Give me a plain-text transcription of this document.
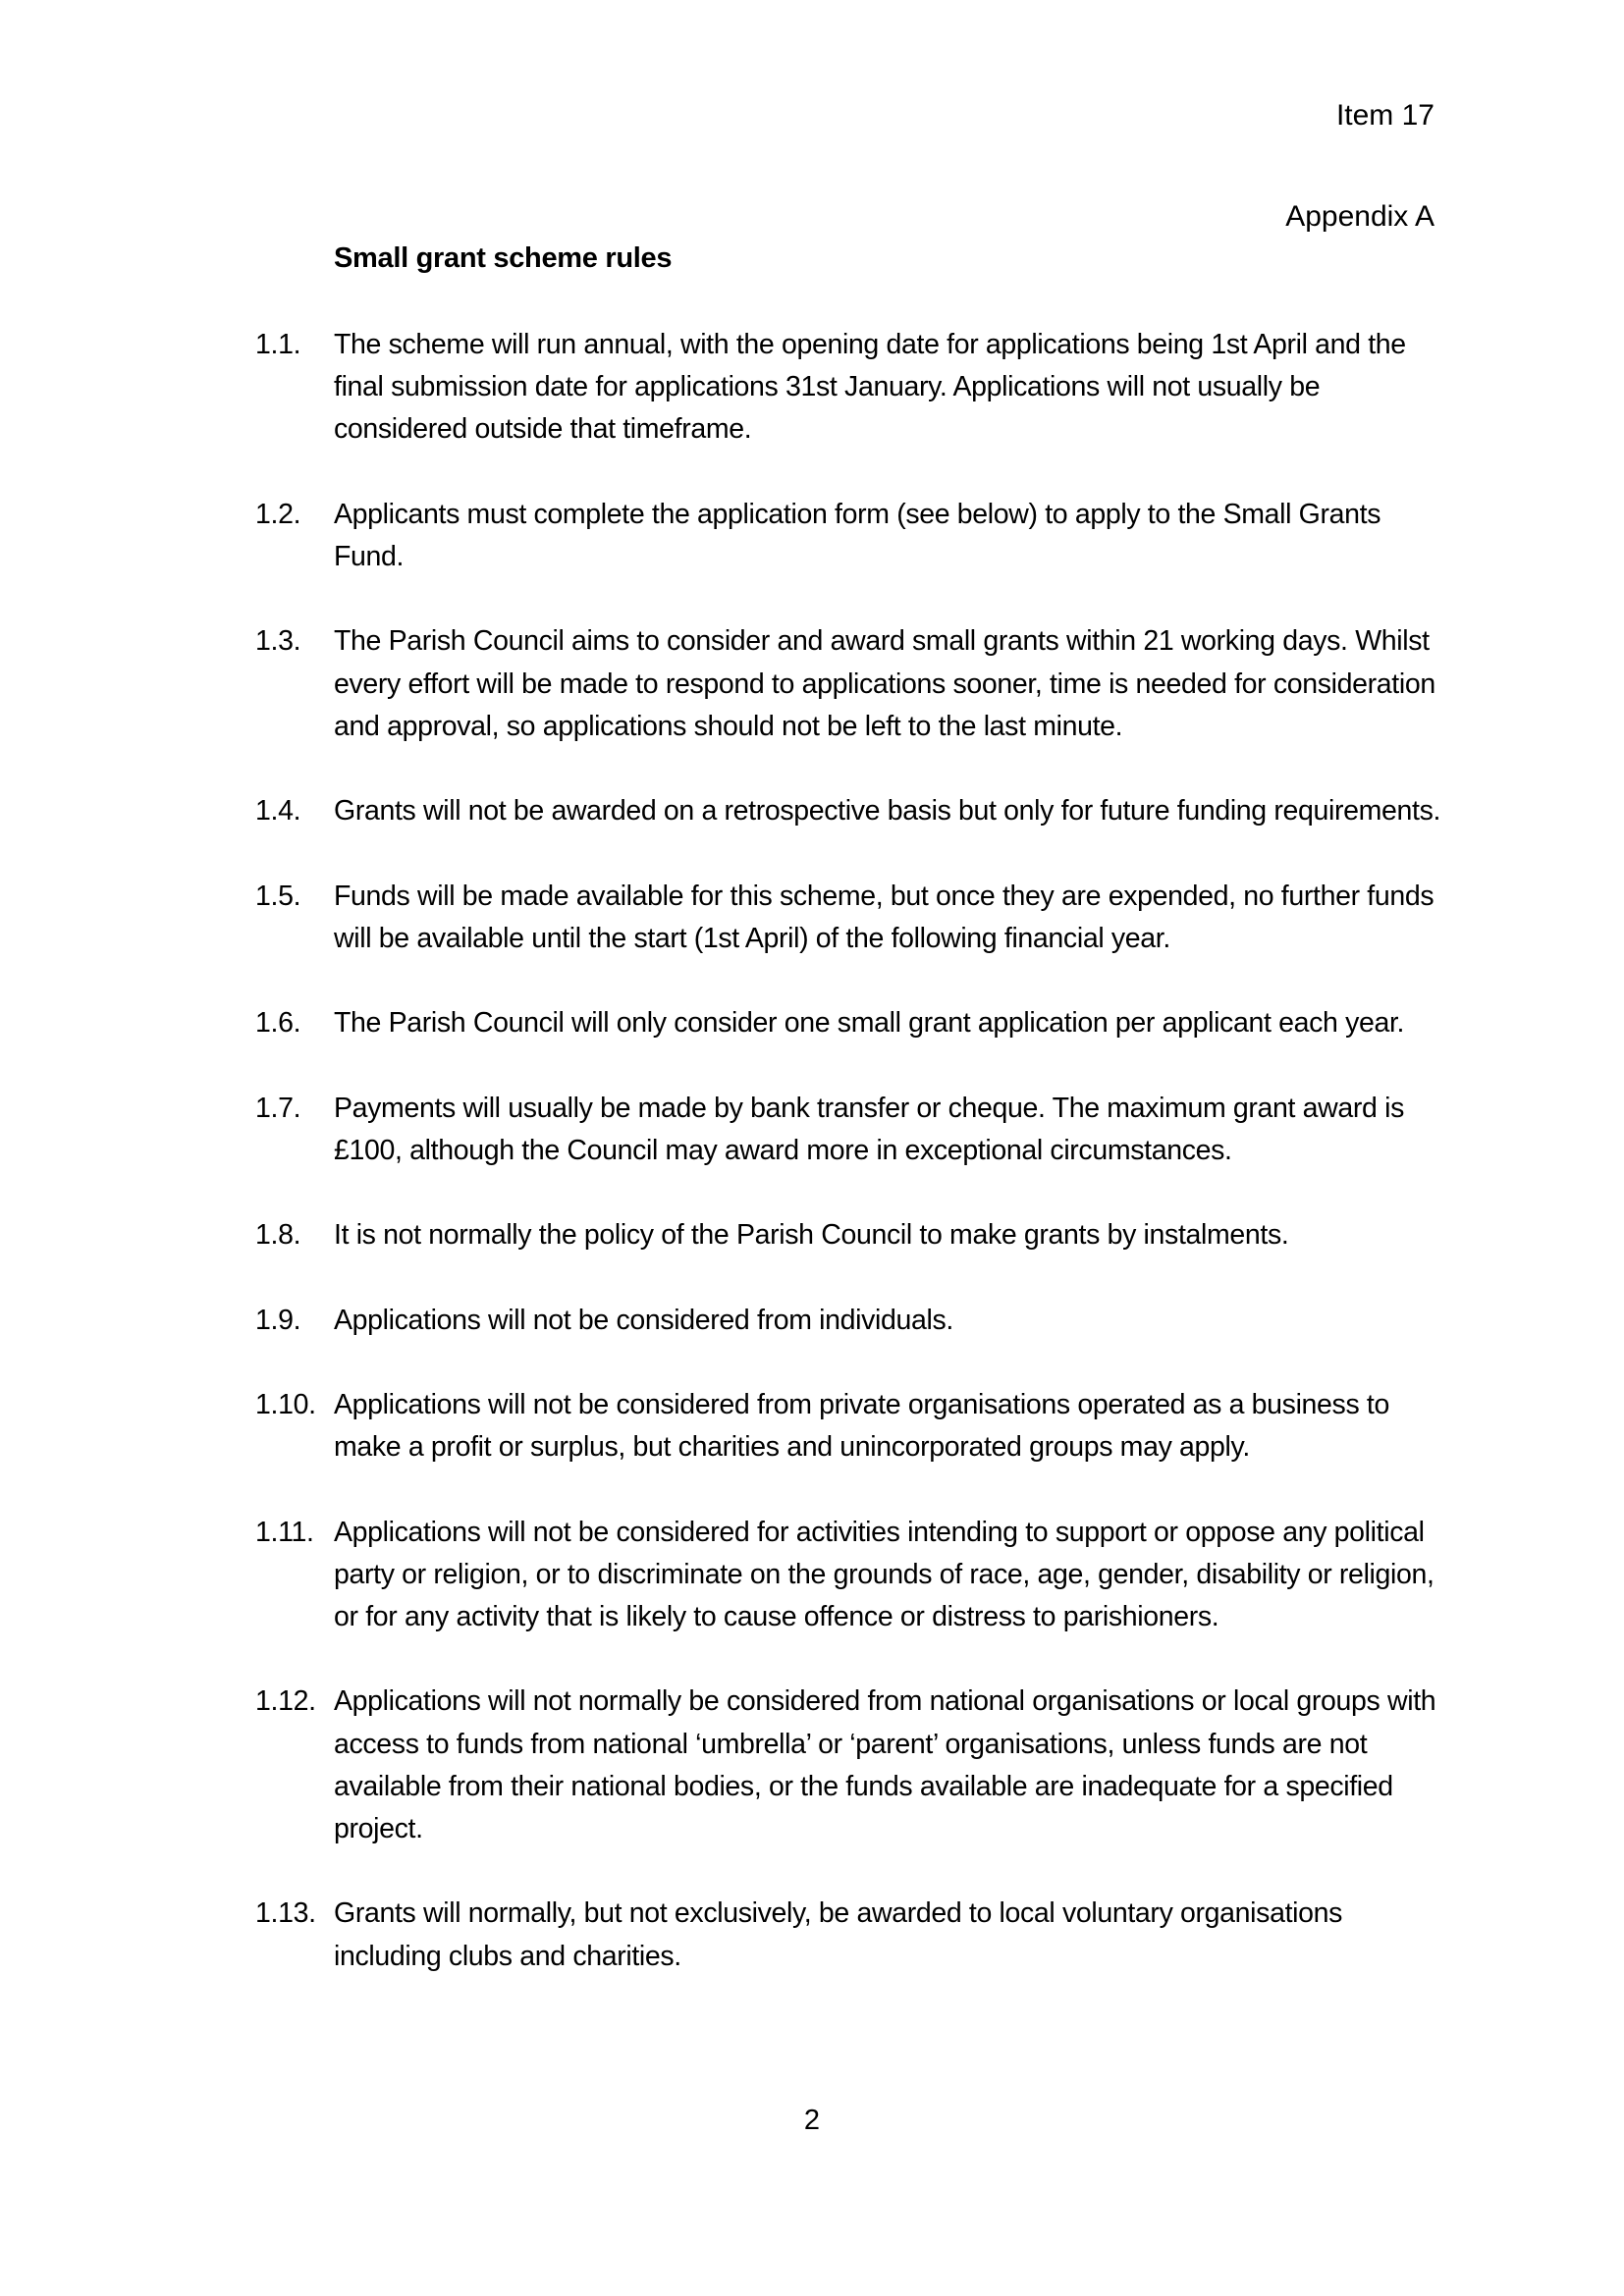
Item 17
Appendix A
Small grant scheme rules
1.1.	The scheme will run annual, with the opening date for applications being 1st April and the final submission date for applications 31st January. Applications will not usually be considered outside that timeframe.
1.2.	Applicants must complete the application form (see below) to apply to the Small Grants Fund.
1.3.	The Parish Council aims to consider and award small grants within 21 working days. Whilst every effort will be made to respond to applications sooner, time is needed for consideration and approval, so applications should not be left to the last minute.
1.4.	Grants will not be awarded on a retrospective basis but only for future funding requirements.
1.5.	Funds will be made available for this scheme, but once they are expended, no further funds will be available until the start (1st April) of the following financial year.
1.6.	The Parish Council will only consider one small grant application per applicant each year.
1.7.	Payments will usually be made by bank transfer or cheque. The maximum grant award is £100, although the Council may award more in exceptional circumstances.
1.8.	It is not normally the policy of the Parish Council to make grants by instalments.
1.9.	Applications will not be considered from individuals.
1.10. Applications will not be considered from private organisations operated as a business to make a profit or surplus, but charities and unincorporated groups may apply.
1.11. Applications will not be considered for activities intending to support or oppose any political party or religion, or to discriminate on the grounds of race, age, gender, disability or religion, or for any activity that is likely to cause offence or distress to parishioners.
1.12. Applications will not normally be considered from national organisations or local groups with access to funds from national ‘umbrella’ or ‘parent’ organisations, unless funds are not available from their national bodies, or the funds available are inadequate for a specified project.
1.13. Grants will normally, but not exclusively, be awarded to local voluntary organisations including clubs and charities.
2
